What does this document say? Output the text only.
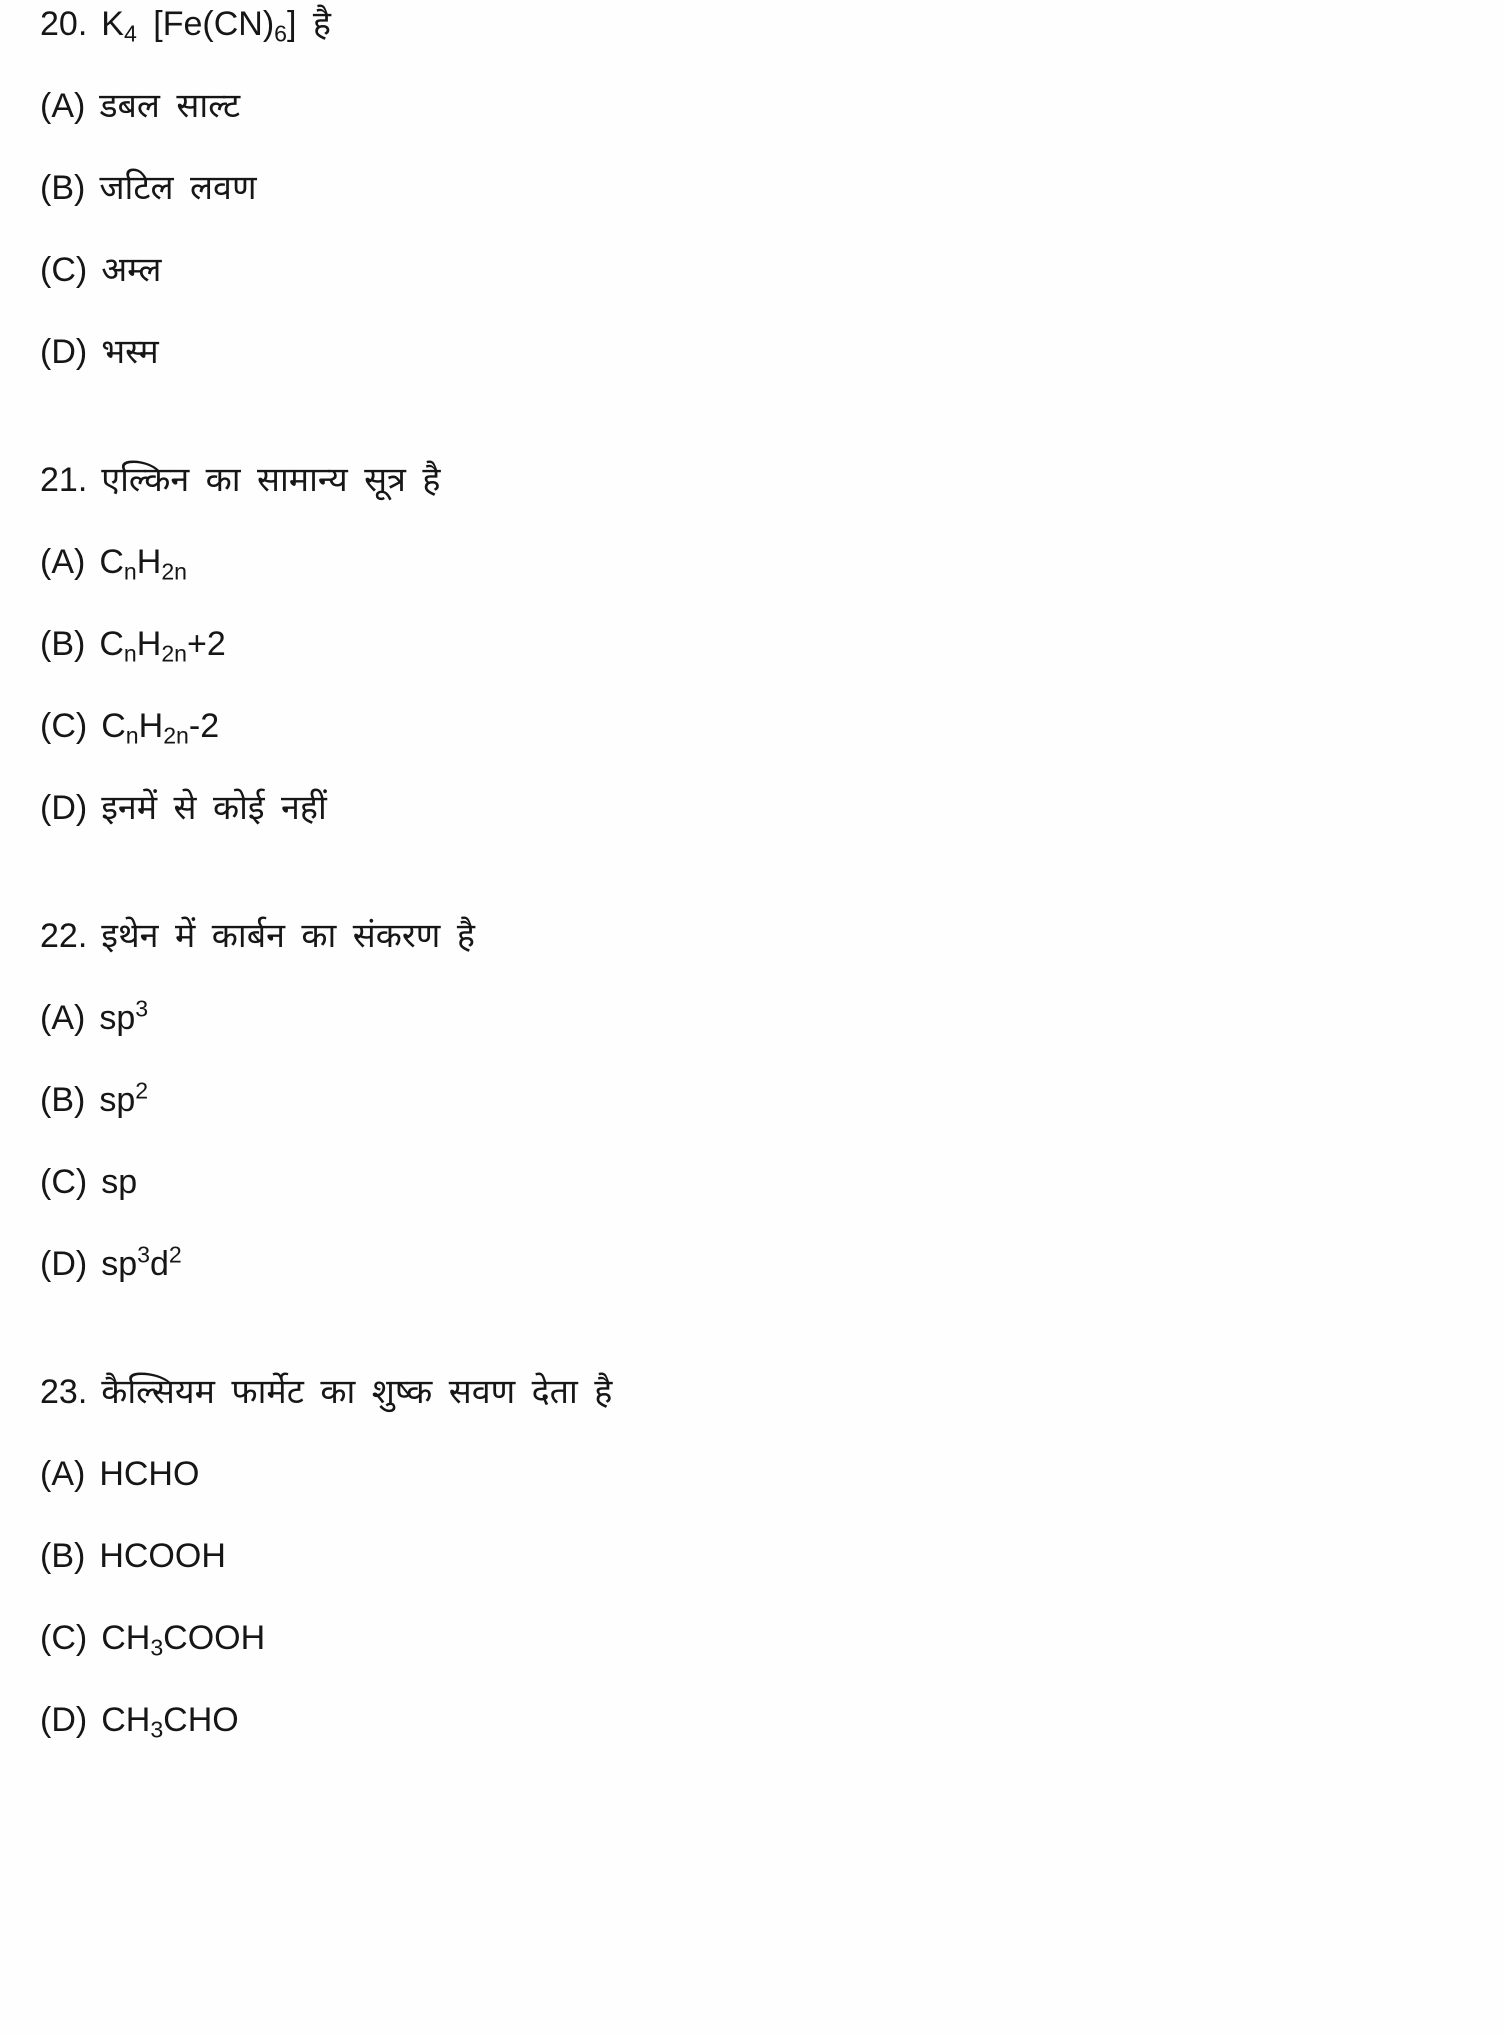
20. $K_4$ $[Fe(CN)_6]$ है
(A) डबल साल्ट
(B) जटिल लवण
(C) अम्ल
(D) भस्म
21. एल्किन का सामान्य सूत्र है
(A) $C_nH_{2n}$
(B) $C_nH_{2n}+2$
(C) $C_nH_{2n}-2$
(D) इनमें से कोई नहीं
22. इथेन में कार्बन का संकरण है
(A) $sp^3$
(B) $sp^2$
(C) sp
(D) $sp^3d^2$
23. कैल्सियम फार्मेट का शुष्क सवण देता है
(A) HCHO
(B) HCOOH
(C) $CH_3COOH$
(D) $CH_3CHO$
